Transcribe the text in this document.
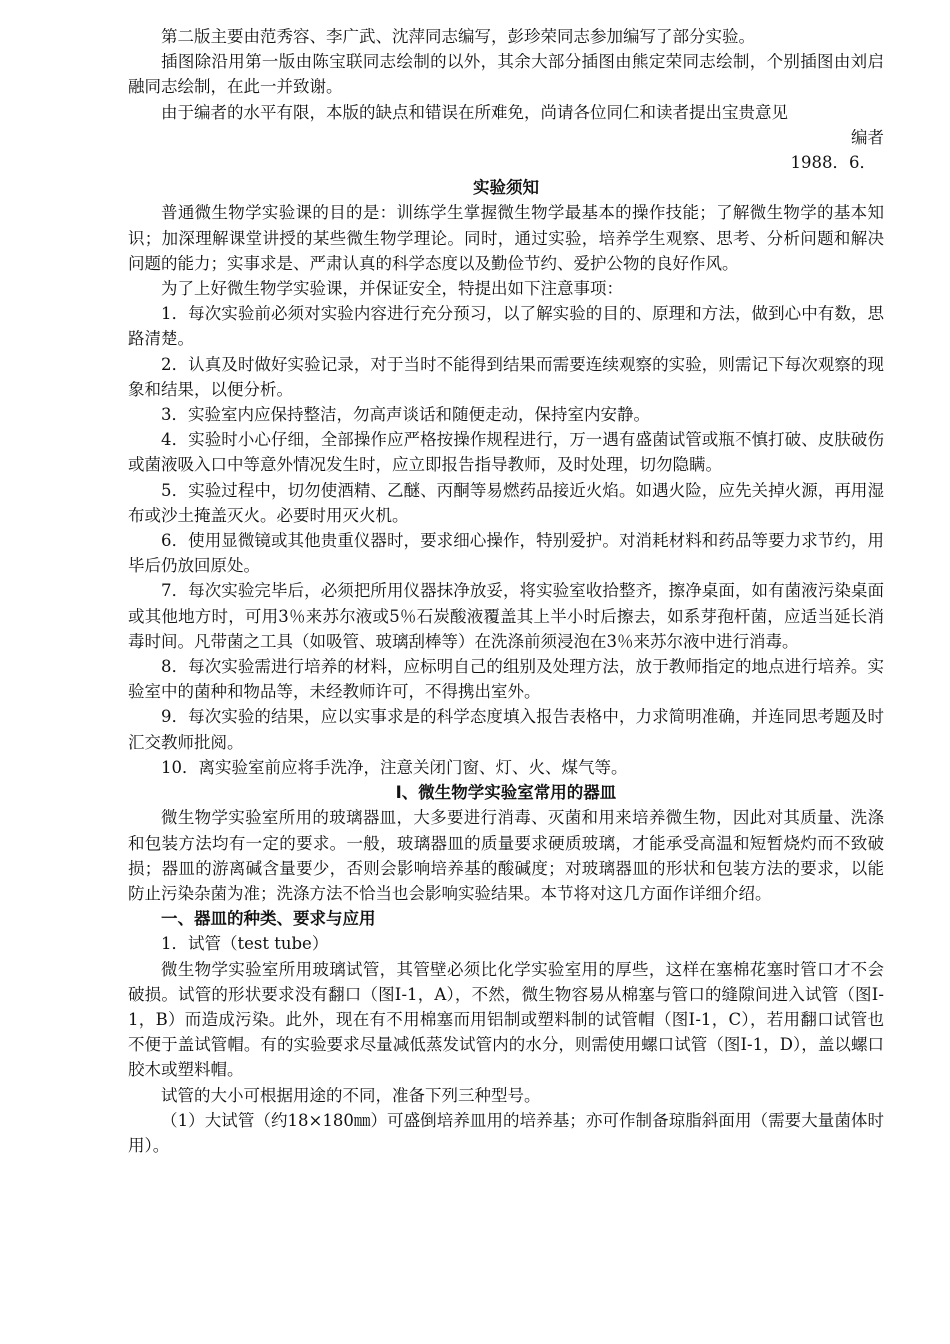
第二版主要由范秀容、李广武、沈萍同志编写，彭珍荣同志参加编写了部分实验。

插图除沿用第一版由陈宝联同志绘制的以外，其余大部分插图由熊定荣同志绘制，个别插图由刘启融同志绘制，在此一并致谢。

由于编者的水平有限，本版的缺点和错误在所难免，尚请各位同仁和读者提出宝贵意见

编者

1988．6．

实验须知

普通微生物学实验课的目的是：训练学生掌握微生物学最基本的操作技能；了解微生物学的基本知识；加深理解课堂讲授的某些微生物学理论。同时，通过实验，培养学生观察、思考、分析问题和解决问题的能力；实事求是、严肃认真的科学态度以及勤俭节约、爱护公物的良好作风。

为了上好微生物学实验课，并保证安全，特提出如下注意事项：

1．每次实验前必须对实验内容进行充分预习，以了解实验的目的、原理和方法，做到心中有数，思路清楚。

2．认真及时做好实验记录，对于当时不能得到结果而需要连续观察的实验，则需记下每次观察的现象和结果，以便分析。

3．实验室内应保持整洁，勿高声谈话和随便走动，保持室内安静。

4．实验时小心仔细，全部操作应严格按操作规程进行，万一遇有盛菌试管或瓶不慎打破、皮肤破伤或菌液吸入口中等意外情况发生时，应立即报告指导教师，及时处理，切勿隐瞒。

5．实验过程中，切勿使酒精、乙醚、丙酮等易燃药品接近火焰。如遇火险，应先关掉火源，再用湿布或沙土掩盖灭火。必要时用灭火机。

6．使用显微镜或其他贵重仪器时，要求细心操作，特别爱护。对消耗材料和药品等要力求节约，用毕后仍放回原处。

7．每次实验完毕后，必须把所用仪器抹净放妥，将实验室收拾整齐，擦净桌面，如有菌液污染桌面或其他地方时，可用3％来苏尔液或5％石炭酸液覆盖其上半小时后擦去，如系芽孢杆菌，应适当延长消毒时间。凡带菌之工具（如吸管、玻璃刮棒等）在洗涤前须浸泡在3％来苏尔液中进行消毒。

8．每次实验需进行培养的材料，应标明自己的组别及处理方法，放于教师指定的地点进行培养。实验室中的菌种和物品等，未经教师许可，不得携出室外。

9．每次实验的结果，应以实事求是的科学态度填入报告表格中，力求简明准确，并连同思考题及时汇交教师批阅。

10．离实验室前应将手洗净，注意关闭门窗、灯、火、煤气等。

Ⅰ、微生物学实验室常用的器皿

微生物学实验室所用的玻璃器皿，大多要进行消毒、灭菌和用来培养微生物，因此对其质量、洗涤和包装方法均有一定的要求。一般，玻璃器皿的质量要求硬质玻璃，才能承受高温和短暂烧灼而不致破损；器皿的游离碱含量要少，否则会影响培养基的酸碱度；对玻璃器皿的形状和包装方法的要求，以能防止污染杂菌为准；洗涤方法不恰当也会影响实验结果。本节将对这几方面作详细介绍。

一、器皿的种类、要求与应用

1．试管（test tube）

微生物学实验室所用玻璃试管，其管壁必须比化学实验室用的厚些，这样在塞棉花塞时管口才不会破损。试管的形状要求没有翻口（图Ⅰ-1，A），不然，微生物容易从棉塞与管口的缝隙间进入试管（图Ⅰ-1，B）而造成污染。此外，现在有不用棉塞而用铝制或塑料制的试管帽（图Ⅰ-1，C），若用翻口试管也不便于盖试管帽。有的实验要求尽量减低蒸发试管内的水分，则需使用螺口试管（图Ⅰ-1，D），盖以螺口胶木或塑料帽。

试管的大小可根据用途的不同，准备下列三种型号。

（1）大试管（约18×180㎜）可盛倒培养皿用的培养基；亦可作制备琼脂斜面用（需要大量菌体时用）。
